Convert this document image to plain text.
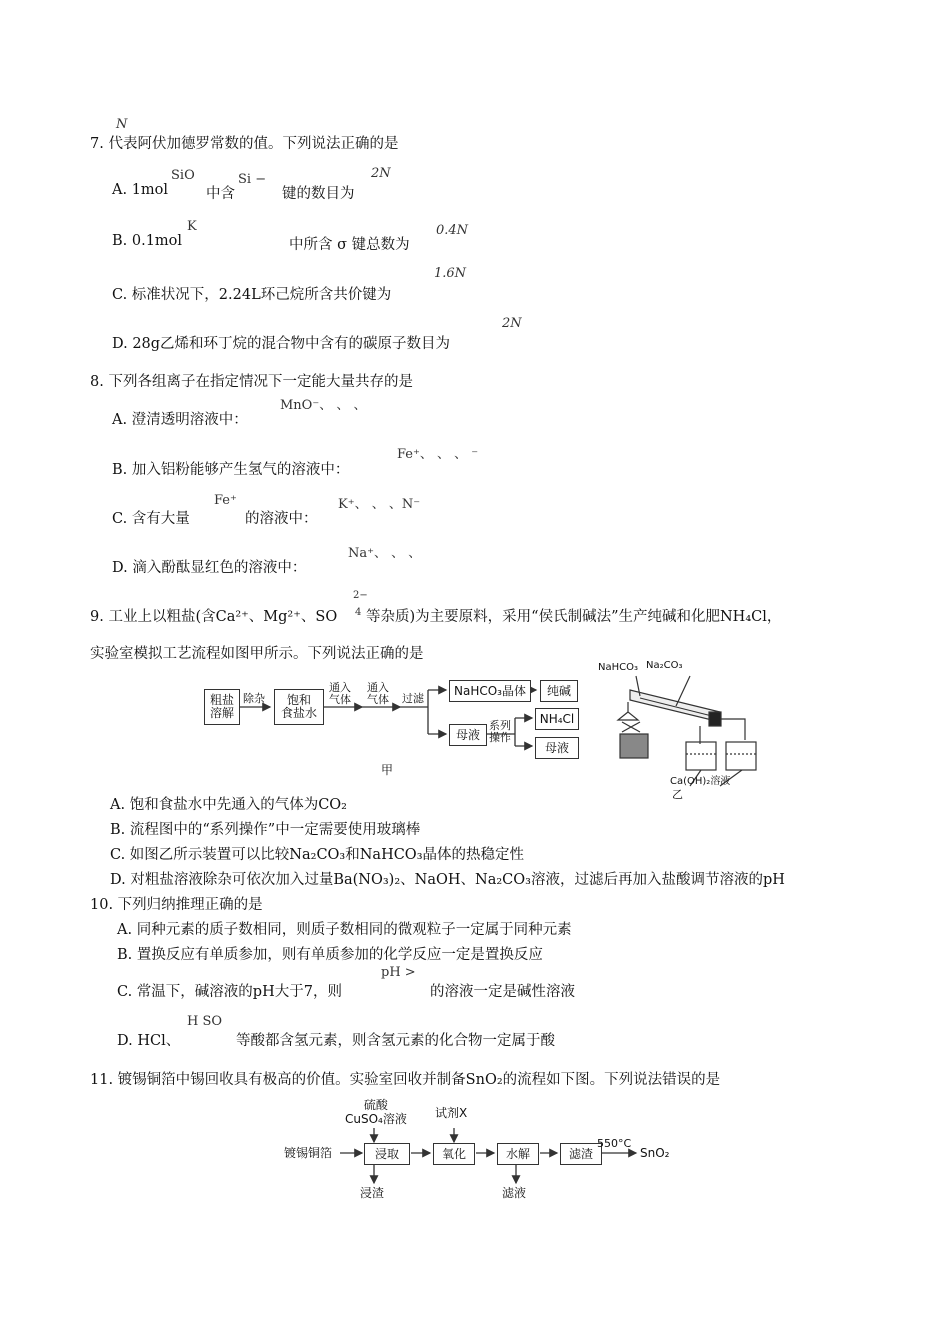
7. 代表阿伏加德罗常数的值。下列说法正确的是
N
A. 1mol
SiO
中含
Si −
键的数目为
2N
B. 0.1mol
K
中所含 σ 键总数为
0.4N
C. 标准状况下，2.24L环己烷所含共价键为
1.6N
D. 28g乙烯和环丁烷的混合物中含有的碳原子数目为
2N
8. 下列各组离子在指定情况下一定能大量共存的是
A. 澄清透明溶液中：
MnO⁻、 、 、
B. 加入铝粉能够产生氢气的溶液中：
Fe⁺、 、 、 ⁻
C. 含有大量
Fe⁺
的溶液中：
K⁺、 、 、N⁻
D. 滴入酚酞显红色的溶液中：
Na⁺、 、 、
9. 工业上以粗盐(含Ca²⁺、Mg²⁺、SO
2−
4 等杂质)为主要原料，采用“侯氏制碱法”生产纯碱和化肥NH₄Cl，
实验室模拟工艺流程如图甲所示。下列说法正确的是
粗盐
溶解
除杂	饱和
食盐水
通入
气体
通入
气体 过滤
NaHCO₃晶体	纯碱
母液
系列
操作
NH₄Cl
母液
甲
NaHCO₃ Na₂CO₃
Ca(OH)₂溶液
乙
A. 饱和食盐水中先通入的气体为CO₂
B. 流程图中的“系列操作”中一定需要使用玻璃棒
C. 如图乙所示装置可以比较Na₂CO₃和NaHCO₃晶体的热稳定性
D. 对粗盐溶液除杂可依次加入过量Ba(NO₃)₂、NaOH、Na₂CO₃溶液，过滤后再加入盐酸调节溶液的pH
10. 下列归纳推理正确的是
A. 同种元素的质子数相同，则质子数相同的微观粒子一定属于同种元素
B. 置换反应有单质参加，则有单质参加的化学反应一定是置换反应
C. 常温下，碱溶液的pH大于7，则
pH >
的溶液一定是碱性溶液
D. HCl、
H SO
等酸都含氢元素，则含氢元素的化合物一定属于酸
11. 镀锡铜箔中锡回收具有极高的价值。实验室回收并制备SnO₂的流程如下图。下列说法错误的是
硫酸
CuSO₄溶液 试剂X
镀锡铜箔	浸取	氧化	水解	滤渣
550°C
SnO₂
浸渣	滤液
